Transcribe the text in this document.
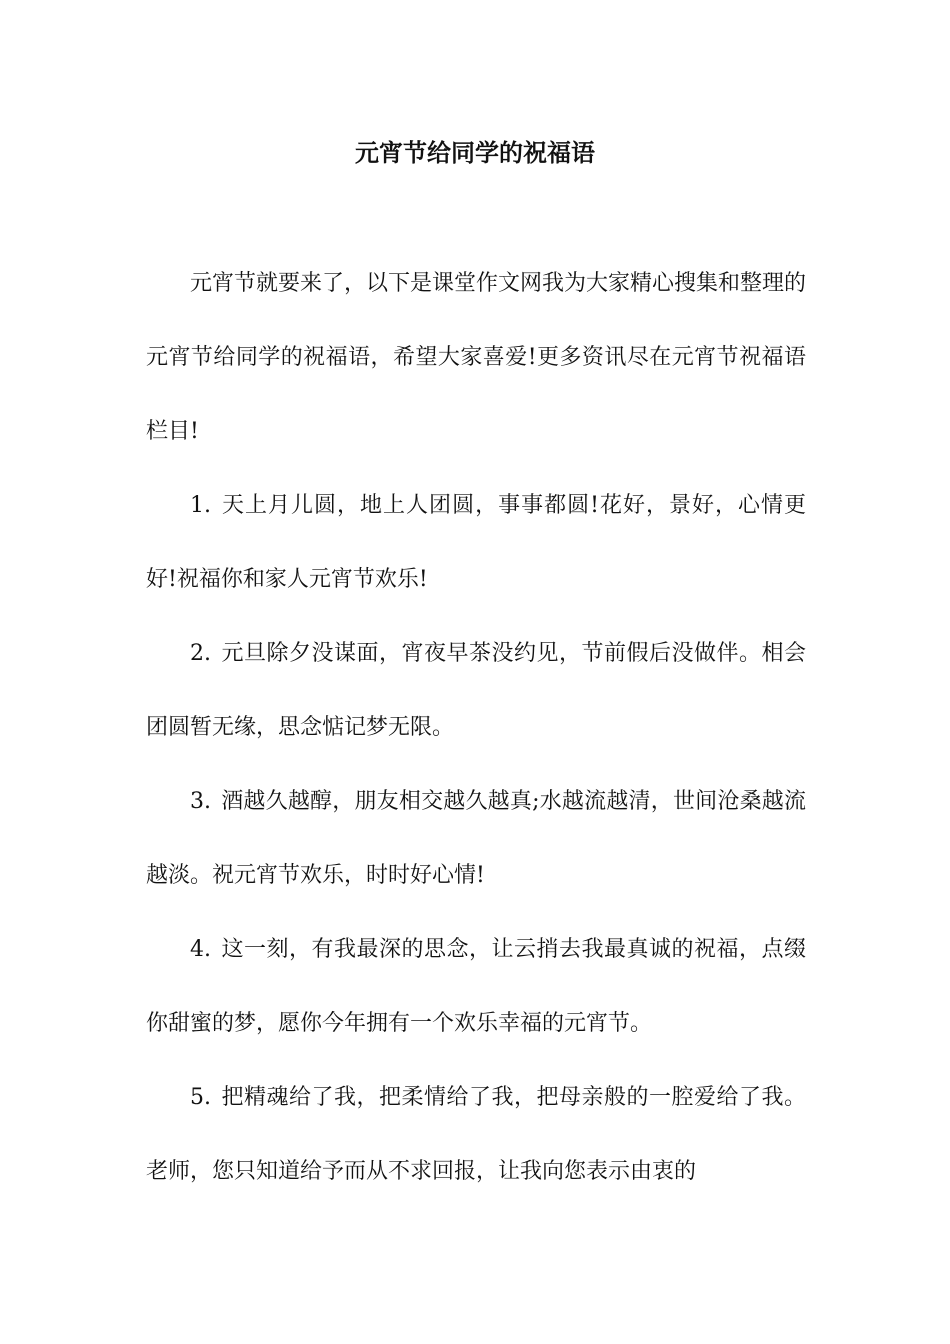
元宵节给同学的祝福语

元宵节就要来了，以下是课堂作文网我为大家精心搜集和整理的元宵节给同学的祝福语，希望大家喜爱!更多资讯尽在元宵节祝福语栏目!

1. 天上月儿圆，地上人团圆，事事都圆!花好，景好，心情更好!祝福你和家人元宵节欢乐!

2. 元旦除夕没谋面，宵夜早茶没约见，节前假后没做伴。相会团圆暂无缘，思念惦记梦无限。

3. 酒越久越醇，朋友相交越久越真;水越流越清，世间沧桑越流越淡。祝元宵节欢乐，时时好心情!

4. 这一刻，有我最深的思念，让云捎去我最真诚的祝福，点缀你甜蜜的梦，愿你今年拥有一个欢乐幸福的元宵节。

5. 把精魂给了我，把柔情给了我，把母亲般的一腔爱给了我。老师，您只知道给予而从不求回报，让我向您表示由衷的
